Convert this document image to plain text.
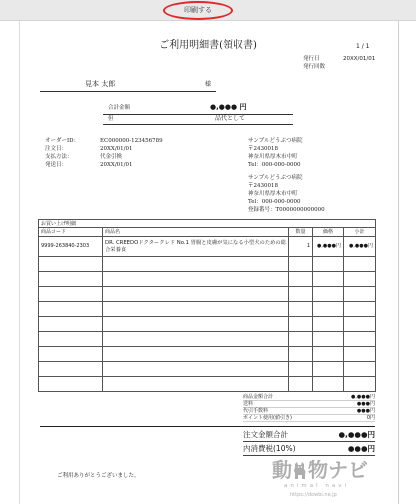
印刷する
ご利用明細書(領収書)	1 / 1
発行日	20XX/01/01
発行回数
見本 太郎	様
合計金額	●,●●● 円
但	品代として
オーダーID：	EC000000-123456789
注文日：	20XX/01/01
支払方法：	代金引換
発送日：	20XX/01/01
サンプルどうぶつ病院
〒2430018
神奈川県厚木市中町
Tel：000-000-0000
サンプルどうぶつ病院
〒2430018
神奈川県厚木市中町
Tel：000-000-0000
登録番号：T0000000000000
お買い上げ明細				
商品コード	商品名	数量	価格	小計
9999-263840-2303	DR. CREEDOドクタークレド No.1 胃腸と皮膚が気になる小型犬のための総合栄養食	1	●,●●●円	●,●●●円

商品金額合計	●,●●●円
送料	●●●円
代引手数料	●●●円
ポイント使用(値引き)	0円
注文金額合計	●,●●●円
内消費税(10%)	●●●円
ご利用ありがとうございました。	動 物ナビ
animal navi
https://dowbi.ne.jp
